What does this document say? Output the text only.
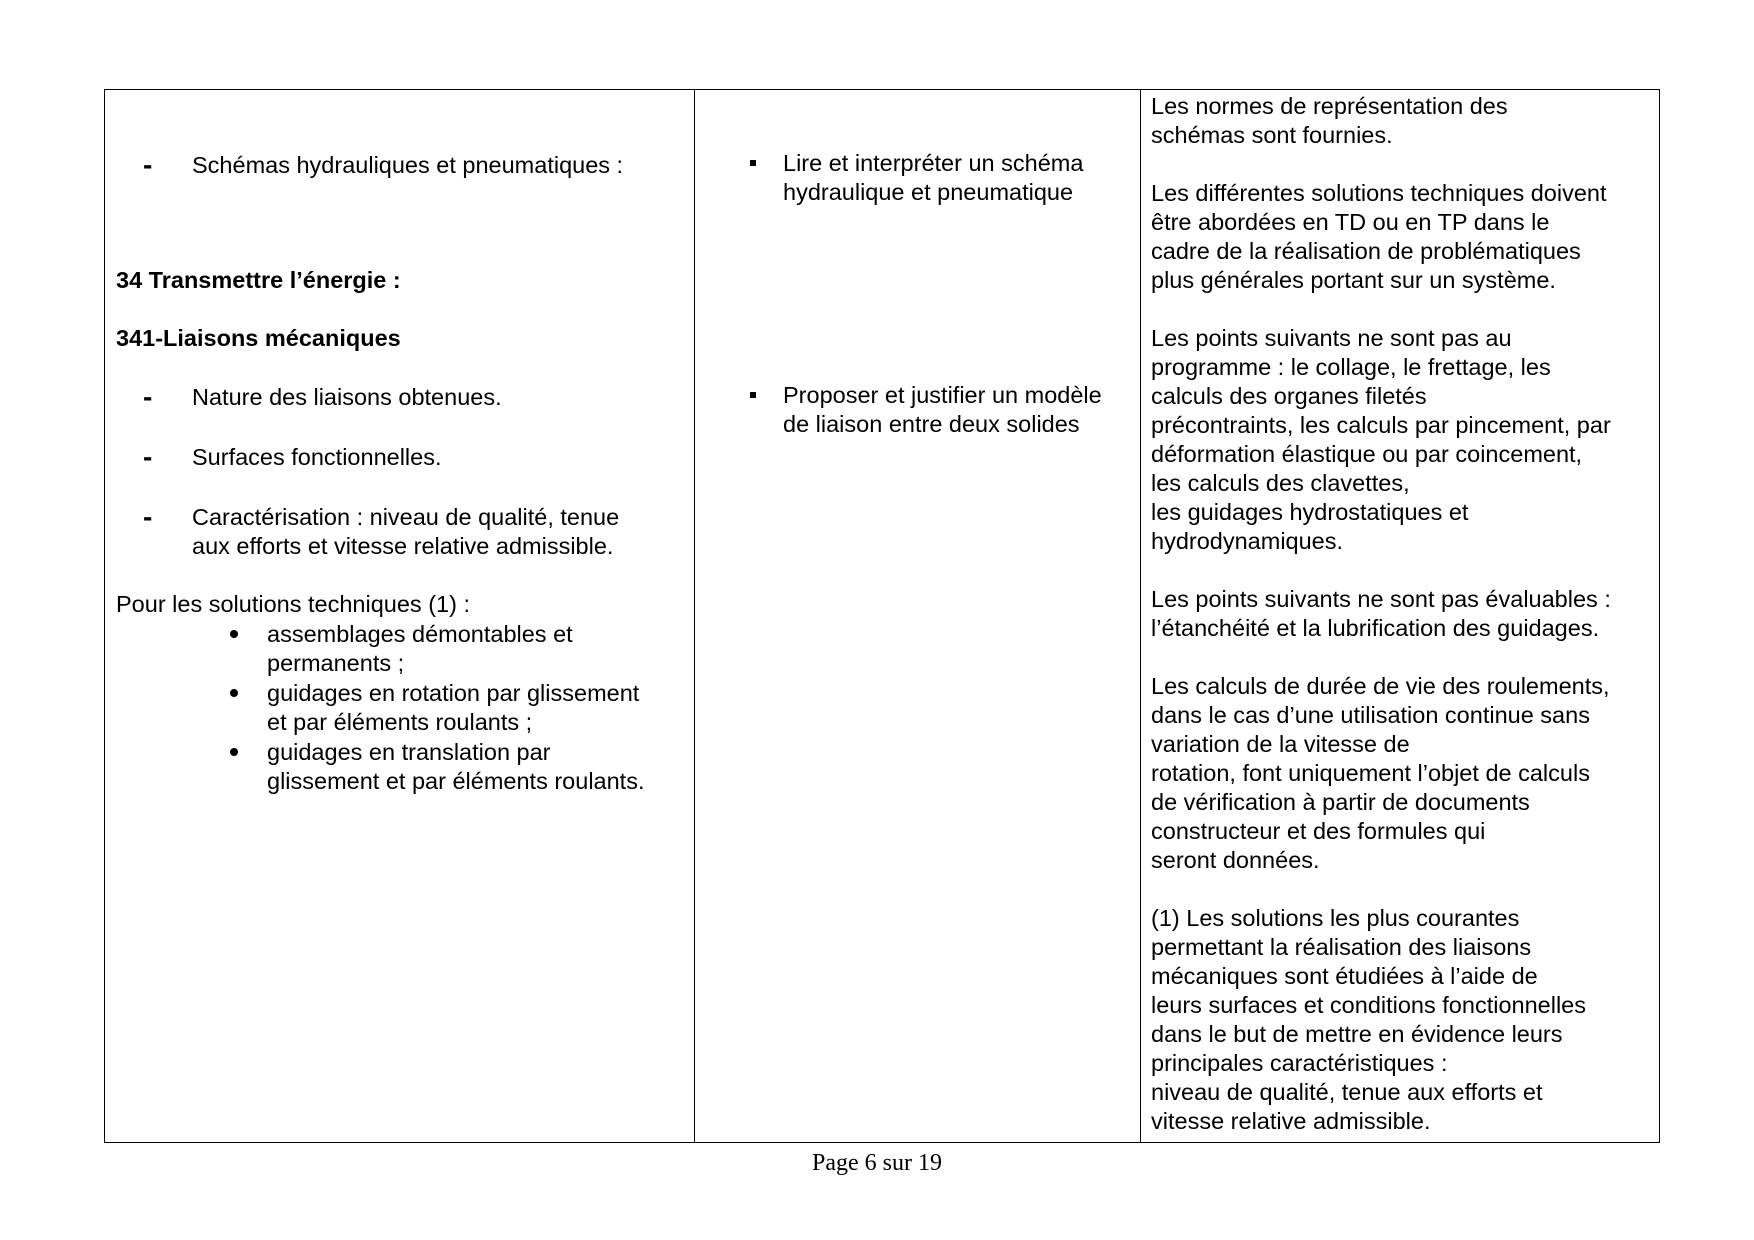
- Schémas hydrauliques et pneumatiques :
34 Transmettre l’énergie :
341-Liaisons mécaniques
- Nature des liaisons obtenues.
- Surfaces fonctionnelles.
- Caractérisation : niveau de qualité, tenue
aux efforts et vitesse relative admissible.
Pour les solutions techniques (1) :
assemblages démontables et
permanents ;
guidages en rotation par glissement
et par éléments roulants ;
guidages en translation par
glissement et par éléments roulants.
Lire et interpréter un schéma
hydraulique et pneumatique
Proposer et justifier un modèle
de liaison entre deux solides
Les normes de représentation des
schémas sont fournies.
Les différentes solutions techniques doivent
être abordées en TD ou en TP dans le
cadre de la réalisation de problématiques
plus générales portant sur un système.
Les points suivants ne sont pas au
programme : le collage, le frettage, les
calculs des organes filetés
précontraints, les calculs par pincement, par
déformation élastique ou par coincement,
les calculs des clavettes,
les guidages hydrostatiques et
hydrodynamiques.
Les points suivants ne sont pas évaluables :
l’étanchéité et la lubrification des guidages.
Les calculs de durée de vie des roulements,
dans le cas d’une utilisation continue sans
variation de la vitesse de
rotation, font uniquement l’objet de calculs
de vérification à partir de documents
constructeur et des formules qui
seront données.
(1) Les solutions les plus courantes
permettant la réalisation des liaisons
mécaniques sont étudiées à l’aide de
leurs surfaces et conditions fonctionnelles
dans le but de mettre en évidence leurs
principales caractéristiques :
niveau de qualité, tenue aux efforts et
vitesse relative admissible.
Page 6 sur 19
